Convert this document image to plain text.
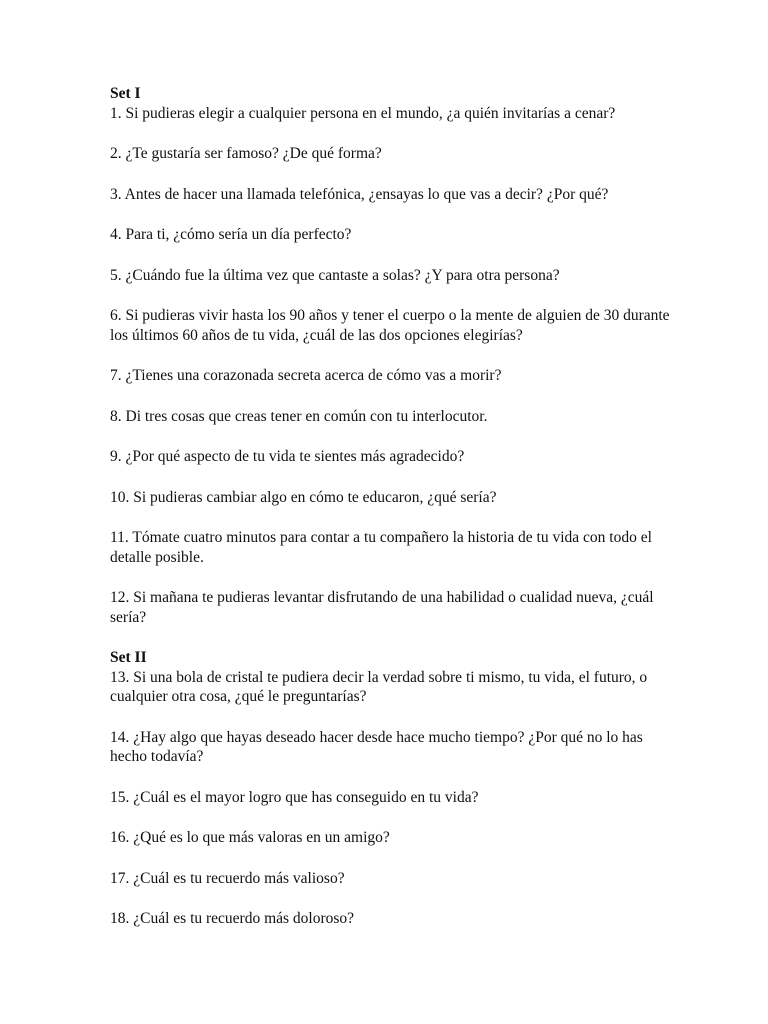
Set I

1. Si pudieras elegir a cualquier persona en el mundo, ¿a quién invitarías a cenar?

2. ¿Te gustaría ser famoso? ¿De qué forma?

3. Antes de hacer una llamada telefónica, ¿ensayas lo que vas a decir? ¿Por qué?

4. Para ti, ¿cómo sería un día perfecto?

5. ¿Cuándo fue la última vez que cantaste a solas? ¿Y para otra persona?

6. Si pudieras vivir hasta los 90 años y tener el cuerpo o la mente de alguien de 30 durante los últimos 60 años de tu vida, ¿cuál de las dos opciones elegirías?

7. ¿Tienes una corazonada secreta acerca de cómo vas a morir?

8. Di tres cosas que creas tener en común con tu interlocutor.

9. ¿Por qué aspecto de tu vida te sientes más agradecido?

10. Si pudieras cambiar algo en cómo te educaron, ¿qué sería?

11. Tómate cuatro minutos para contar a tu compañero la historia de tu vida con todo el detalle posible.

12. Si mañana te pudieras levantar disfrutando de una habilidad o cualidad nueva, ¿cuál sería?

Set II

13. Si una bola de cristal te pudiera decir la verdad sobre ti mismo, tu vida, el futuro, o cualquier otra cosa, ¿qué le preguntarías?

14. ¿Hay algo que hayas deseado hacer desde hace mucho tiempo? ¿Por qué no lo has hecho todavía?

15. ¿Cuál es el mayor logro que has conseguido en tu vida?

16. ¿Qué es lo que más valoras en un amigo?

17. ¿Cuál es tu recuerdo más valioso?

18. ¿Cuál es tu recuerdo más doloroso?
